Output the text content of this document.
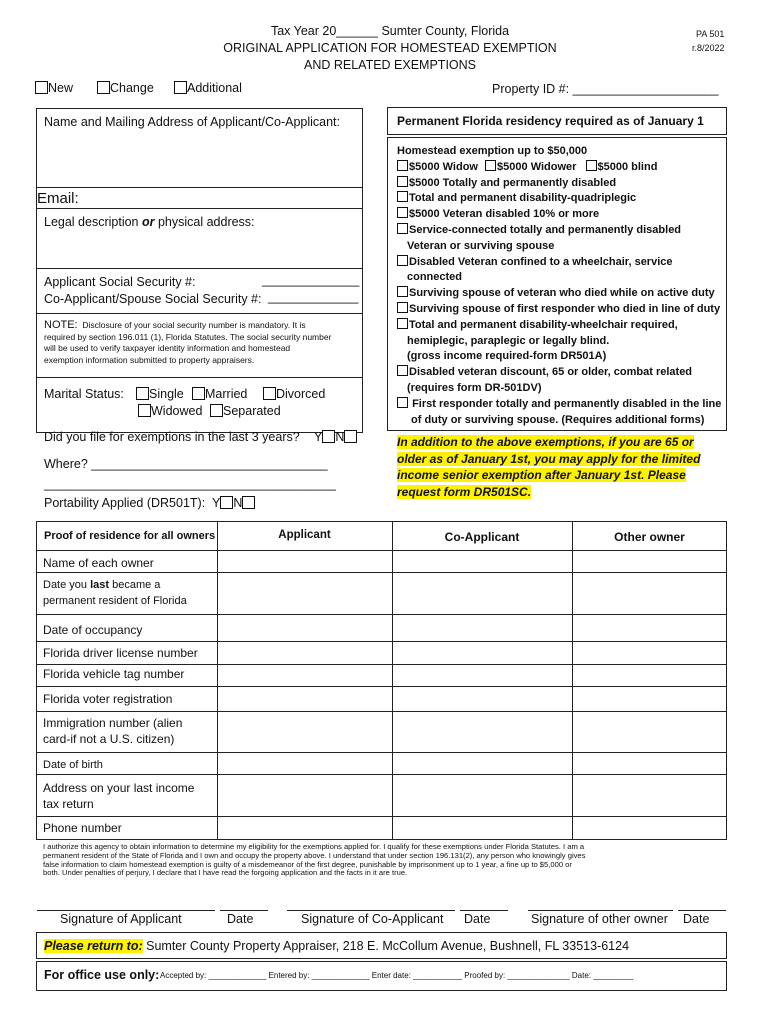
Tax Year 20______ Sumter County, Florida
ORIGINAL APPLICATION FOR HOMESTEAD EXEMPTION
AND RELATED EXEMPTIONS
PA 501
r.8/2022
New	Change	Additional	Property ID #: _____________________
Name and Mailing Address of Applicant/Co-Applicant:
Email:
Legal description or physical address:
Applicant Social Security #:	______________
Co-Applicant/Spouse Social Security #: _____________
NOTE: Disclosure of your social security number is mandatory. It is
required by section 196.011 (1), Florida Statutes. The social security number
will be used to verify taxpayer identity information and homestead
exemption information submitted to property appraisers.
Marital Status:	Single	Married	Divorced
Widowed	Separated
Did you file for exemptions in the last 3 years? Y N
Where? __________________________________
__________________________________________
Portability Applied (DR501T): Y N
Permanent Florida residency required as of January 1
Homestead exemption up to $50,000
$5000 Widow $5000 Widower $5000 blind
$5000 Totally and permanently disabled
Total and permanent disability-quadriplegic
$5000 Veteran disabled 10% or more
Service-connected totally and permanently disabled
Veteran or surviving spouse
Disabled Veteran confined to a wheelchair, service
connected
Surviving spouse of veteran who died while on active duty
Surviving spouse of first responder who died in line of duty
Total and permanent disability-wheelchair required,
hemiplegic, paraplegic or legally blind.
(gross income required-form DR501A)
Disabled veteran discount, 65 or older, combat related
(requires form DR-501DV)
First responder totally and permanently disabled in the line
of duty or surviving spouse. (Requires additional forms)
In addition to the above exemptions, if you are 65 or
older as of January 1st, you may apply for the limited
income senior exemption after January 1st. Please
request form DR501SC.
Proof of residence for all owners	Applicant	Co-Applicant	Other owner
Name of each owner
Date you last became a
permanent resident of Florida
Date of occupancy
Florida driver license number
Florida vehicle tag number
Florida voter registration
Immigration number (alien
card-if not a U.S. citizen)
Date of birth
Address on your last income
tax return
Phone number
I authorize this agency to obtain information to determine my eligibility for the exemptions applied for. I qualify for these exemptions under Florida Statutes. I am a
permanent resident of the State of Florida and I own and occupy the property above. I understand that under section 196.131(2), any person who knowingly gives
false information to claim homestead exemption is guilty of a misdemeanor of the first degree, punishable by imprisonment up to 1 year, a fine up to $5,000 or
both. Under penalties of perjury, I declare that I have read the forgoing application and the facts in it are true.
Signature of Applicant	Date	Signature of Co-Applicant Date	Signature of other owner Date
Please return to: Sumter County Property Appraiser, 218 E. McCollum Avenue, Bushnell, FL 33513-6124
For office use only: Accepted by: _____________ Entered by: _____________ Enter date: ___________ Proofed by: ______________ Date: _________
